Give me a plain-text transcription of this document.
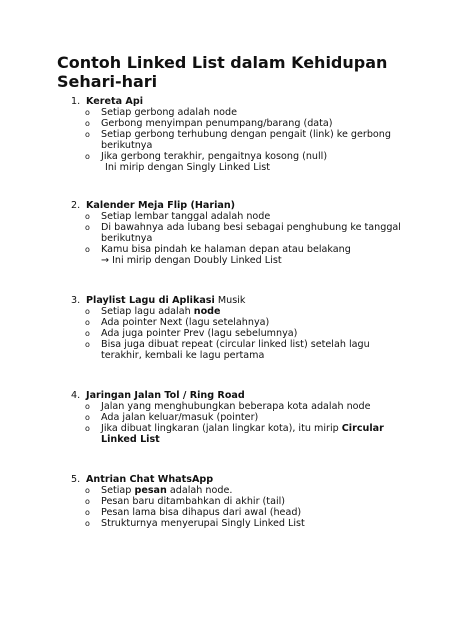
Contoh Linked List dalam Kehidupan
Sehari-hari
1. Kereta Api
o Setiap gerbong adalah node
o Gerbong menyimpan penumpang/barang (data)
o Setiap gerbong terhubung dengan pengait (link) ke gerbong
berikutnya
o Jika gerbong terakhir, pengaitnya kosong (null)
Ini mirip dengan Singly Linked List
2. Kalender Meja Flip (Harian)
o Setiap lembar tanggal adalah node
o Di bawahnya ada lubang besi sebagai penghubung ke tanggal
berikutnya
o Kamu bisa pindah ke halaman depan atau belakang
→ Ini mirip dengan Doubly Linked List
3. Playlist Lagu di Aplikasi Musik
o Setiap lagu adalah node
o Ada pointer Next (lagu setelahnya)
o Ada juga pointer Prev (lagu sebelumnya)
o Bisa juga dibuat repeat (circular linked list) setelah lagu
terakhir, kembali ke lagu pertama
4. Jaringan Jalan Tol / Ring Road
o Jalan yang menghubungkan beberapa kota adalah node
o Ada jalan keluar/masuk (pointer)
o Jika dibuat lingkaran (jalan lingkar kota), itu mirip Circular
Linked List
5. Antrian Chat WhatsApp
o Setiap pesan adalah node.
o Pesan baru ditambahkan di akhir (tail)
o Pesan lama bisa dihapus dari awal (head)
o Strukturnya menyerupai Singly Linked List
